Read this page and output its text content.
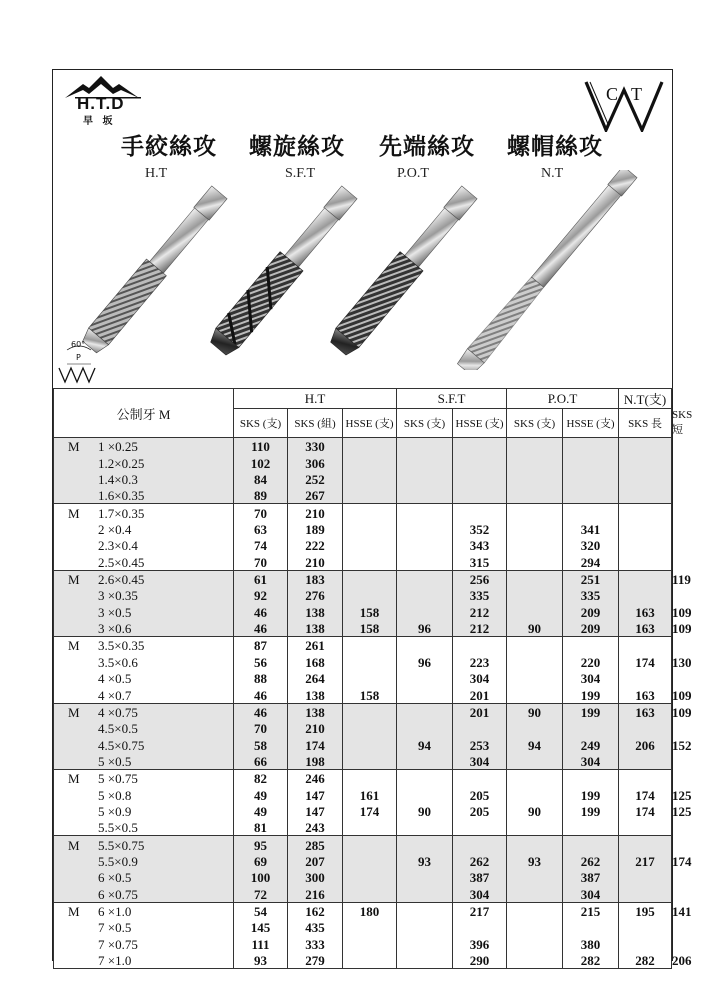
H.T.D
早 坂
C T
手絞絲攻 螺旋絲攻 先端絲攻 螺帽絲攻
H.T	S.F.T	P.O.T	N.T
60°
P
公制牙 M	H.T			S.F.T		P.O.T		N.T(支)	
	SKS (支)	SKS (組)	HSSE (支)	SKS (支)	HSSE (支)	SKS (支)	HSSE (支)	SKS 長	SKS 短
M 1 ×0.25	110	330							
1.2×0.25	102	306							
1.4×0.3	84	252							
1.6×0.35	89	267							
M 1.7×0.35	70	210							
2 ×0.4	63	189			352		341		
2.3×0.4	74	222			343		320		
2.5×0.45	70	210			315		294		
M 2.6×0.45	61	183			256		251		119
3 ×0.35	92	276			335		335		
3 ×0.5	46	138	158		212		209	163	109
3 ×0.6	46	138	158	96	212	90	209	163	109
M 3.5×0.35	87	261							
3.5×0.6	56	168		96	223		220	174	130
4 ×0.5	88	264			304		304		
4 ×0.7	46	138	158		201		199	163	109
M 4 ×0.75	46	138			201	90	199	163	109
4.5×0.5	70	210							
4.5×0.75	58	174		94	253	94	249	206	152
5 ×0.5	66	198			304		304		
M 5 ×0.75	82	246							
5 ×0.8	49	147	161		205		199	174	125
5 ×0.9	49	147	174	90	205	90	199	174	125
5.5×0.5	81	243							
M 5.5×0.75	95	285							
5.5×0.9	69	207		93	262	93	262	217	174
6 ×0.5	100	300			387		387		
6 ×0.75	72	216			304		304		
M 6 ×1.0	54	162	180		217		215	195	141
7 ×0.5	145	435							
7 ×0.75	111	333			396		380		
7 ×1.0	93	279			290		282	282	206
